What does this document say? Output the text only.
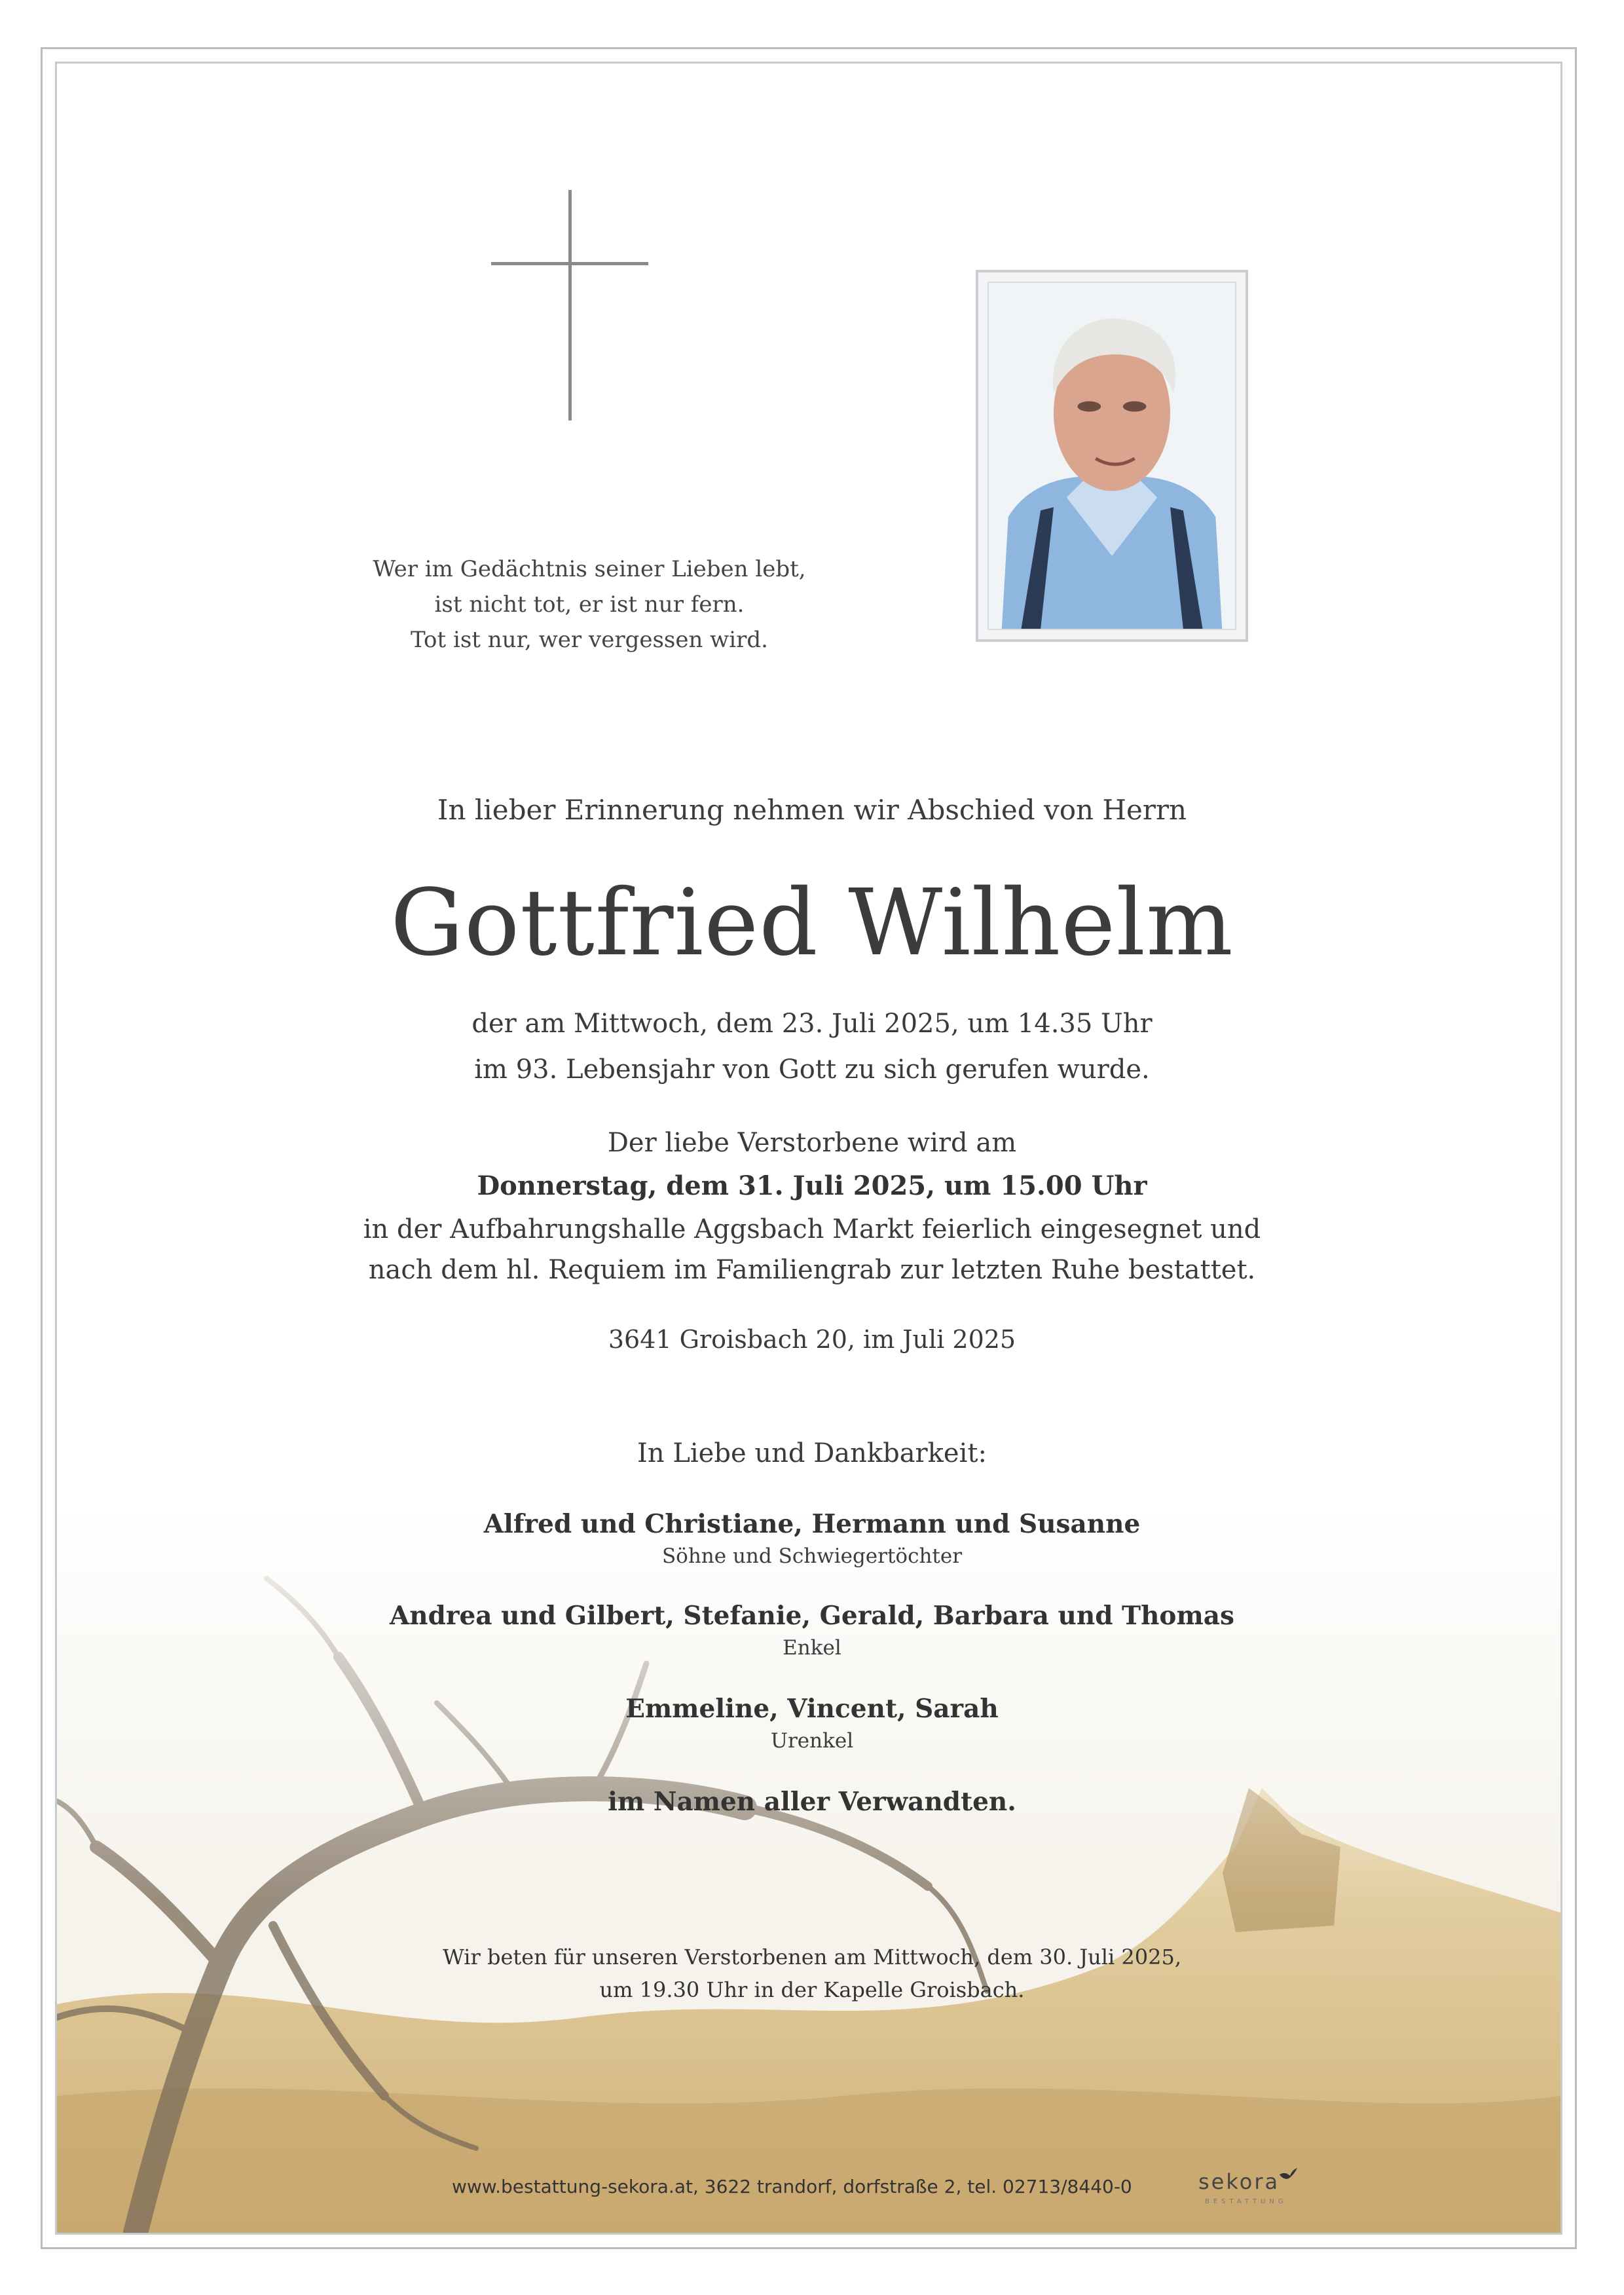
Wer im Gedächtnis seiner Lieben lebt,
ist nicht tot, er ist nur fern.
Tot ist nur, wer vergessen wird.
In lieber Erinnerung nehmen wir Abschied von Herrn
Gottfried Wilhelm
der am Mittwoch, dem 23. Juli 2025, um 14.35 Uhr
im 93. Lebensjahr von Gott zu sich gerufen wurde.
Der liebe Verstorbene wird am
Donnerstag, dem 31. Juli 2025, um 15.00 Uhr
in der Aufbahrungshalle Aggsbach Markt feierlich eingesegnet und
nach dem hl. Requiem im Familiengrab zur letzten Ruhe bestattet.
3641 Groisbach 20, im Juli 2025
In Liebe und Dankbarkeit:
Alfred und Christiane, Hermann und Susanne
Söhne und Schwiegertöchter
Andrea und Gilbert, Stefanie, Gerald, Barbara und Thomas
Enkel
Emmeline, Vincent, Sarah
Urenkel
im Namen aller Verwandten.
Wir beten für unseren Verstorbenen am Mittwoch, dem 30. Juli 2025,
um 19.30 Uhr in der Kapelle Groisbach.
www.bestattung-sekora.at, 3622 trandorf, dorfstraße 2, tel. 02713/8440-0	sekora
BESTATTUNG
